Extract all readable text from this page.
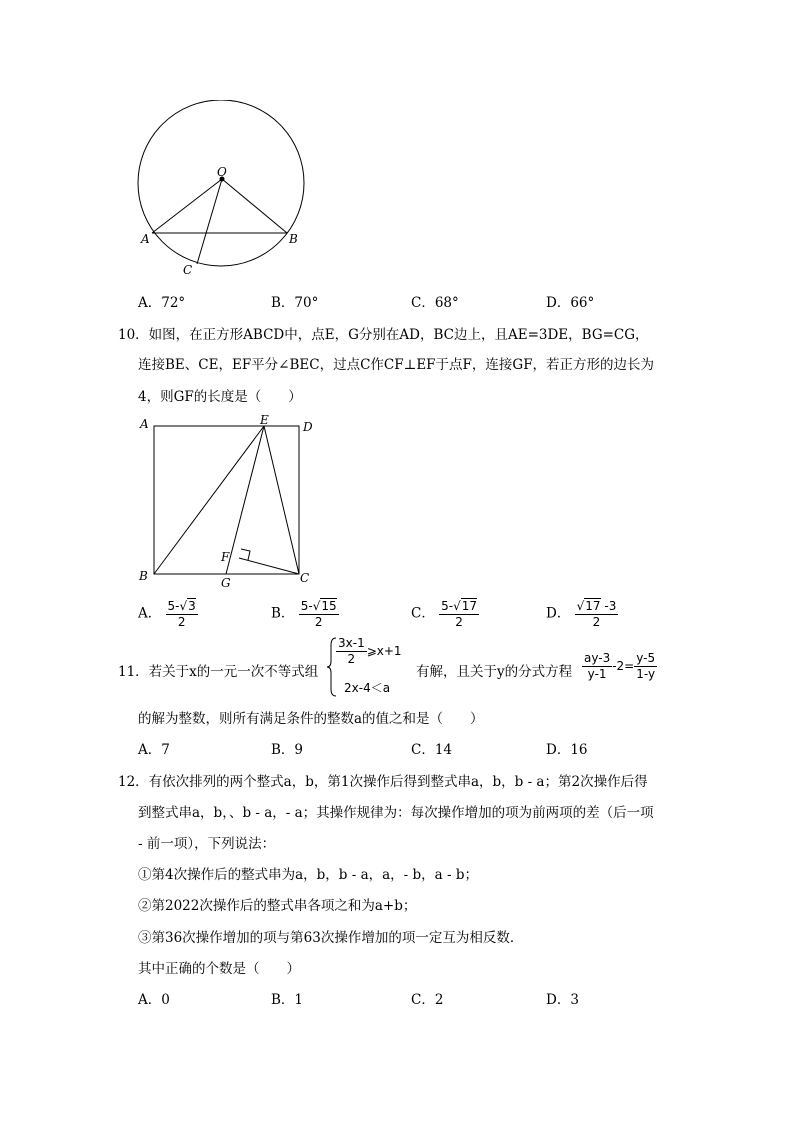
O
A	B
C
A．72°	B．70°	C．68°	D．66°
10．如图，在正方形ABCD中，点E，G分别在AD，BC边上，且AE=3DE，BG=CG，
连接BE、CE，EF平分∠BEC，过点C作CF⊥EF于点F，连接GF，若正方形的边长为
4，则GF的长度是（　　）
A	E	D
B
F
G	C
A． $\frac{5-√3}{2}$	B． $\frac{5-√15}{2}$	C． $\frac{5-√17}{2}$	D． $\frac{√17 -3}{2}$
11．若关于x的一元一次不等式组
$\frac{3x-1}{2}$ ⩾x+1
2x-4＜a
有解，且关于y的分式方程 $\frac{ay-3}{y-1} -2= \frac{y-5}{1-y}$
的解为整数，则所有满足条件的整数a的值之和是（　　）
A．7	B．9	C．14	D．16
12．有依次排列的两个整式a，b，第1次操作后得到整式串a，b，b - a；第2次操作后得
到整式串a，b，、b - a，- a；其操作规律为：每次操作增加的项为前两项的差（后一项
- 前一项），下列说法：
①第4次操作后的整式串为a，b，b - a，a，- b，a - b；
②第2022次操作后的整式串各项之和为a+b；
③第36次操作增加的项与第63次操作增加的项一定互为相反数．
其中正确的个数是（　　）
A．0	B．1	C．2	D．3
